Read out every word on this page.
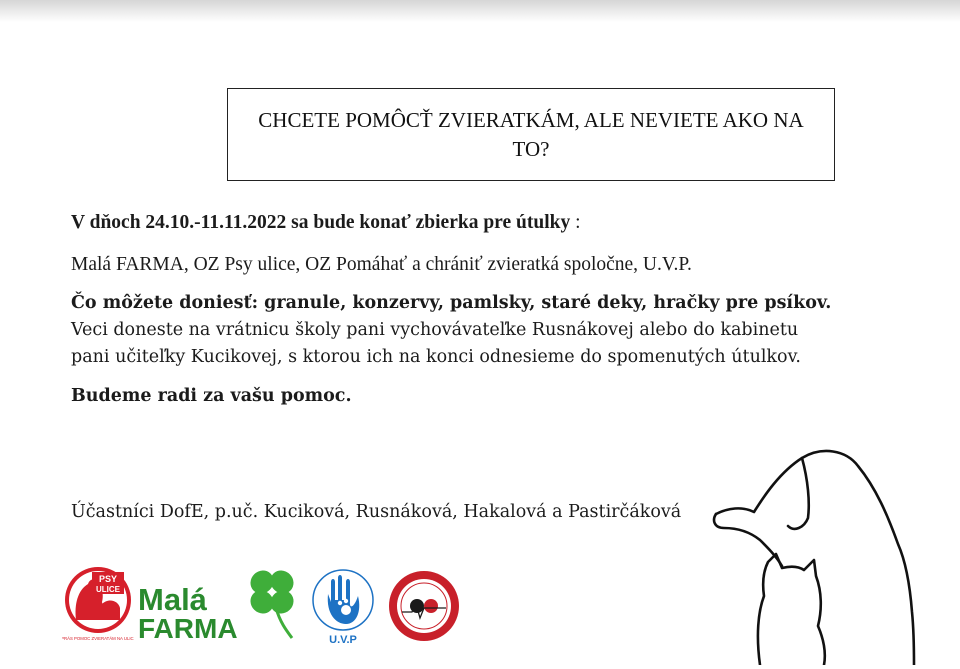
CHCETE POMÔCŤ ZVIERATKÁM, ALE NEVIETE AKO NA TO?
V dňoch 24.10.-11.11.2022 sa bude konať zbierka pre útulky :
Malá FARMA, OZ Psy ulice, OZ Pomáhať a chrániť zvieratká spoločne, U.V.P.
Čo môžete doniesť: granule, konzervy, pamlsky, staré deky, hračky pre psíkov.
Veci doneste na vrátnicu školy pani vychovávateľke Rusnákovej alebo do kabinetu
pani učiteľky Kucikovej, s ktorou ich na konci odnesieme do spomenutých útulkov.
Budeme radi za vašu pomoc.
Účastníci DofE, p.uč. Kuciková, Rusnáková, Hakalová a Pastirčáková
PSY
ULICE
PRÁS POMOC ZVIERATÁM NA ULICI
Malá
FARMA	U.V.P
